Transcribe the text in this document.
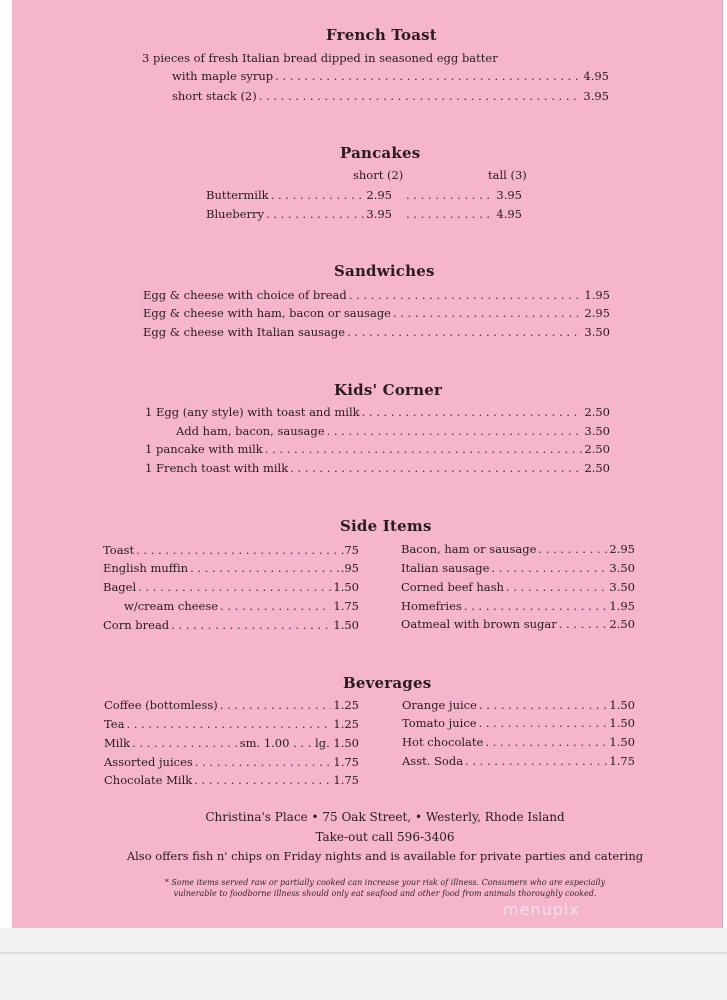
French Toast
3 pieces of fresh Italian bread dipped in seasoned egg batter
with maple syrup . . .	4.95
short stack (2) . . .	3.95
Pancakes
short (2)	tall (3)
Buttermilk . . .	2.95 . . .	3.95
Blueberry . . .	3.95 . . .	4.95
Sandwiches
Egg & cheese with choice of bread . . .	1.95
Egg & cheese with ham, bacon or sausage . . .	2.95
Egg & cheese with Italian sausage . . .	3.50
Kids' Corner
1 Egg (any style) with toast and milk . . .	2.50
Add ham, bacon, sausage . . .	3.50
1 pancake with milk . . .	2.50
1 French toast with milk . . .	2.50
Side Items
Toast . . .	.75
English muffin . . .	.95
Bagel . . .	1.50
w/cream cheese . . .	1.75
Corn bread . . .	1.50
Bacon, ham or sausage . . .	2.95
Italian sausage . . .	3.50
Corned beef hash . . .	3.50
Homefries . . .	1.95
Oatmeal with brown sugar . . .	2.50
Beverages
Coffee (bottomless) . . .	1.25
Tea . . .	1.25
Milk . . .	sm. 1.00 . . . lg. 1.50
Assorted juices . . .	1.75
Chocolate Milk . . .	1.75
Orange juice . . .	1.50
Tomato juice . . .	1.50
Hot chocolate . . .	1.50
Asst. Soda . . .	1.75
Christina's Place • 75 Oak Street, • Westerly, Rhode Island
Take-out call 596-3406
Also offers fish n' chips on Friday nights and is available for private parties and catering
* Some items served raw or partially cooked can increase your risk of illness. Consumers who are especially
vulnerable to foodborne illness should only eat seafood and other food from animals thoroughly cooked.
menupix
